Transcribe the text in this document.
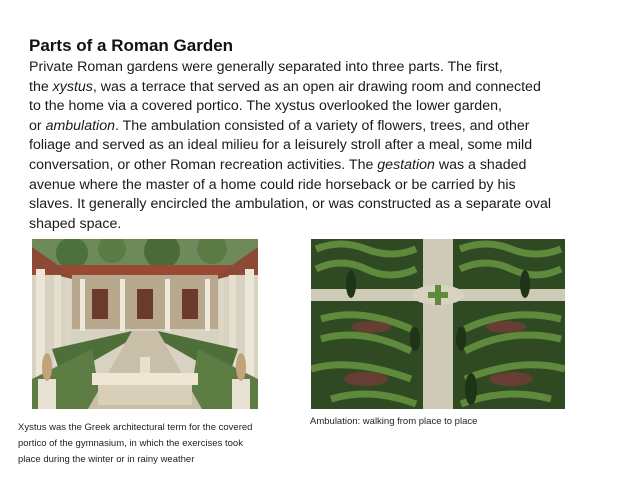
Parts of a Roman Garden
Private Roman gardens were generally separated into three parts. The first,
the xystus, was a terrace that served as an open air drawing room and connected
to the home via a covered portico. The xystus overlooked the lower garden,
or ambulation. The ambulation consisted of a variety of flowers, trees, and other
foliage and served as an ideal milieu for a leisurely stroll after a meal, some mild
conversation, or other Roman recreation activities. The gestation was a shaded
avenue where the master of a home could ride horseback or be carried by his
slaves. It generally encircled the ambulation, or was constructed as a separate oval
shaped space.
Xystus was the Greek architectural term for the covered portico of the gymnasium, in which the exercises took place during the winter or in rainy weather
Ambulation: walking from place to place
